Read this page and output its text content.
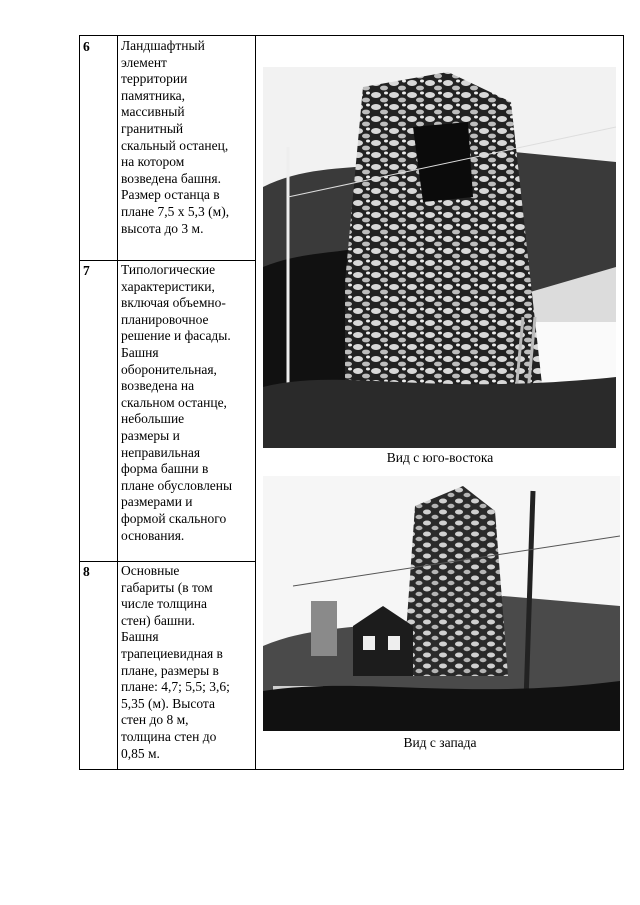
6 Ландшафтный
элемент
территории
памятника,
массивный
гранитный
скальный останец,
на котором
возведена башня.
Размер останца в
плане 7,5 х 5,3 (м),
высота до 3 м.
7 Типологические
характеристики,
включая объемно-
планировочное
решение и фасады.
Башня
оборонительная,
возведена на
скальном останце,
небольшие
размеры и
неправильная
форма башни в
плане обусловлены
размерами и
формой скального
основания.
8 Основные
габариты (в том
числе толщина
стен) башни.
Башня
трапециевидная в
плане, размеры в
плане: 4,7; 5,5; 3,6;
5,35 (м). Высота
стен до 8 м,
толщина стен до
0,85 м.
Вид с юго-востока
Вид с запада
